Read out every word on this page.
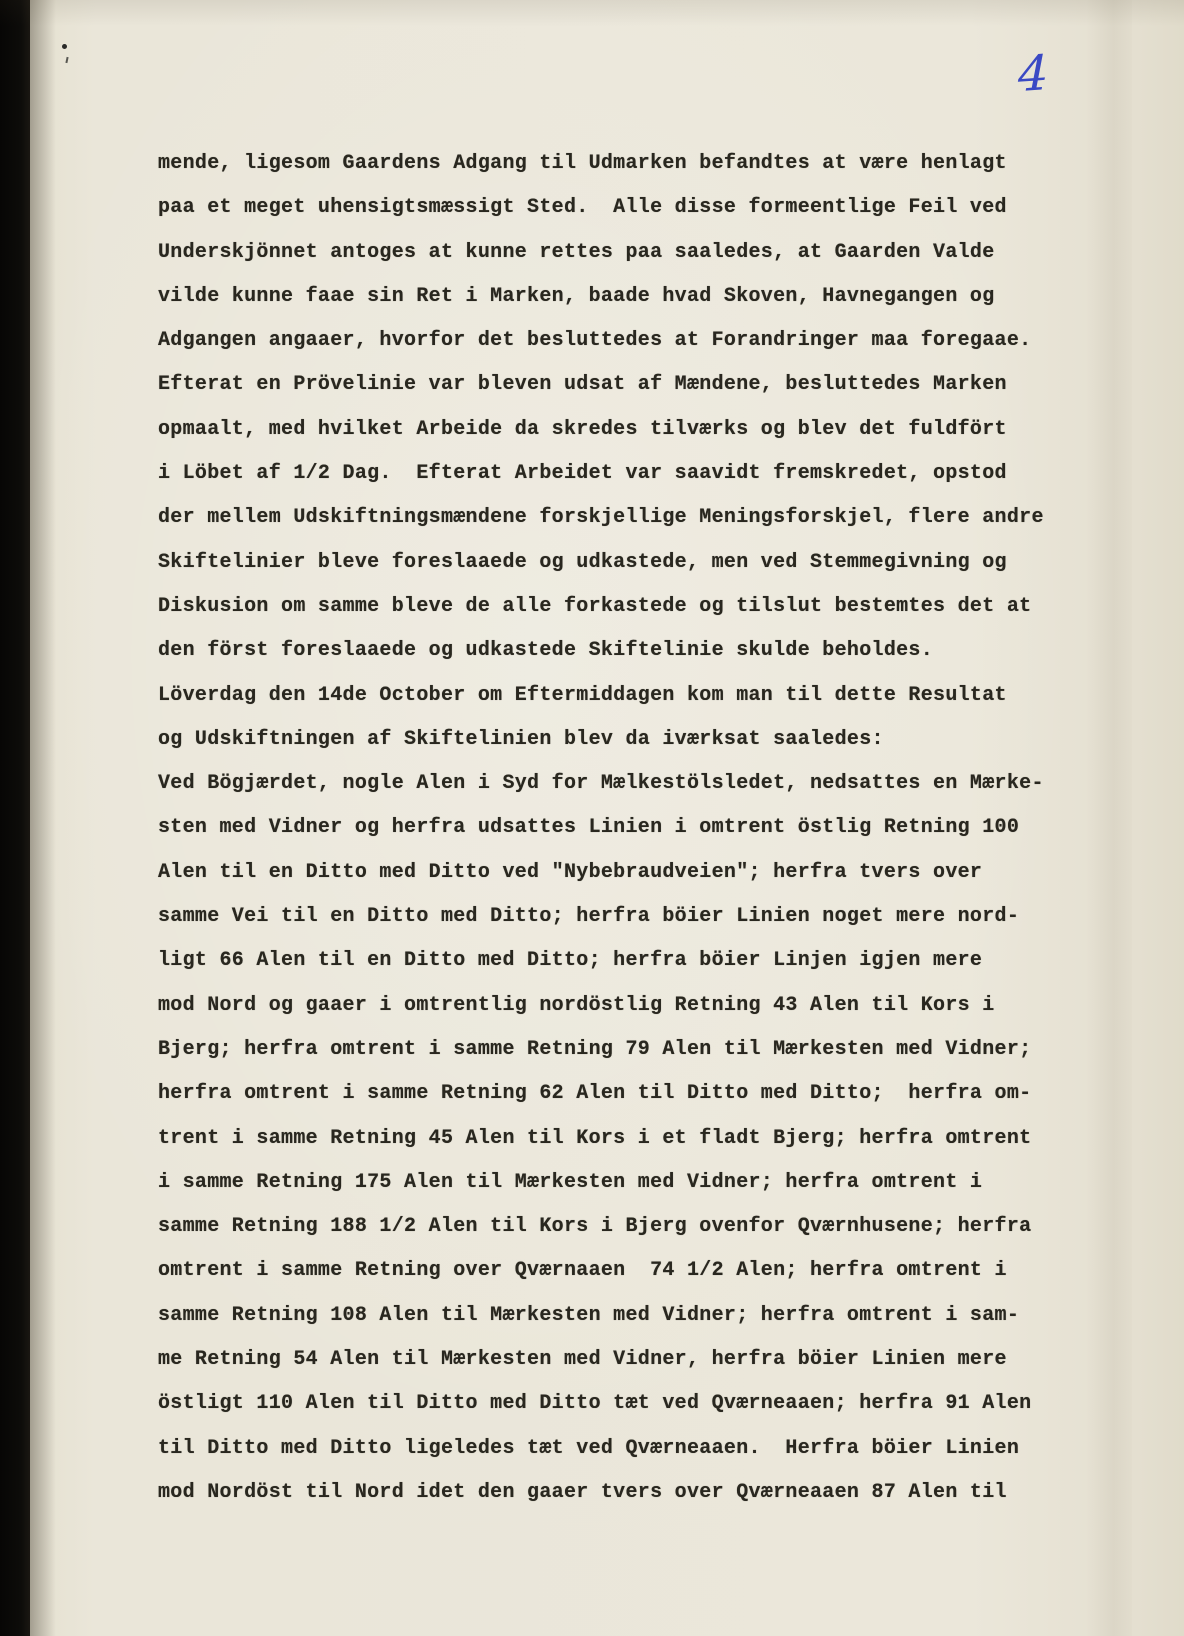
4
mende, ligesom Gaardens Adgang til Udmarken befandtes at være henlagt
paa et meget uhensigtsmæssigt Sted.  Alle disse formeentlige Feil ved
Underskjönnet antoges at kunne rettes paa saaledes, at Gaarden Valde
vilde kunne faae sin Ret i Marken, baade hvad Skoven, Havnegangen og
Adgangen angaaer, hvorfor det besluttedes at Forandringer maa foregaae.
Efterat en Prövelinie var bleven udsat af Mændene, besluttedes Marken
opmaalt, med hvilket Arbeide da skredes tilværks og blev det fuldfört
i Löbet af 1/2 Dag.  Efterat Arbeidet var saavidt fremskredet, opstod
der mellem Udskiftningsmændene forskjellige Meningsforskjel, flere andre
Skiftelinier bleve foreslaaede og udkastede, men ved Stemmegivning og
Diskusion om samme bleve de alle forkastede og tilslut bestemtes det at
den först foreslaaede og udkastede Skiftelinie skulde beholdes.
Löverdag den 14de October om Eftermiddagen kom man til dette Resultat
og Udskiftningen af Skiftelinien blev da iværksat saaledes:
Ved Bögjærdet, nogle Alen i Syd for Mælkestölsledet, nedsattes en Mærke-
sten med Vidner og herfra udsattes Linien i omtrent östlig Retning 100
Alen til en Ditto med Ditto ved "Nybebraudveien"; herfra tvers over
samme Vei til en Ditto med Ditto; herfra böier Linien noget mere nord-
ligt 66 Alen til en Ditto med Ditto; herfra böier Linjen igjen mere
mod Nord og gaaer i omtrentlig nordöstlig Retning 43 Alen til Kors i
Bjerg; herfra omtrent i samme Retning 79 Alen til Mærkesten med Vidner;
herfra omtrent i samme Retning 62 Alen til Ditto med Ditto;  herfra om-
trent i samme Retning 45 Alen til Kors i et fladt Bjerg; herfra omtrent
i samme Retning 175 Alen til Mærkesten med Vidner; herfra omtrent i
samme Retning 188 1/2 Alen til Kors i Bjerg ovenfor Qværnhusene; herfra
omtrent i samme Retning over Qværnaaen  74 1/2 Alen; herfra omtrent i
samme Retning 108 Alen til Mærkesten med Vidner; herfra omtrent i sam-
me Retning 54 Alen til Mærkesten med Vidner, herfra böier Linien mere
östligt 110 Alen til Ditto med Ditto tæt ved Qværneaaen; herfra 91 Alen
til Ditto med Ditto ligeledes tæt ved Qværneaaen.  Herfra böier Linien
mod Nordöst til Nord idet den gaaer tvers over Qværneaaen 87 Alen til
